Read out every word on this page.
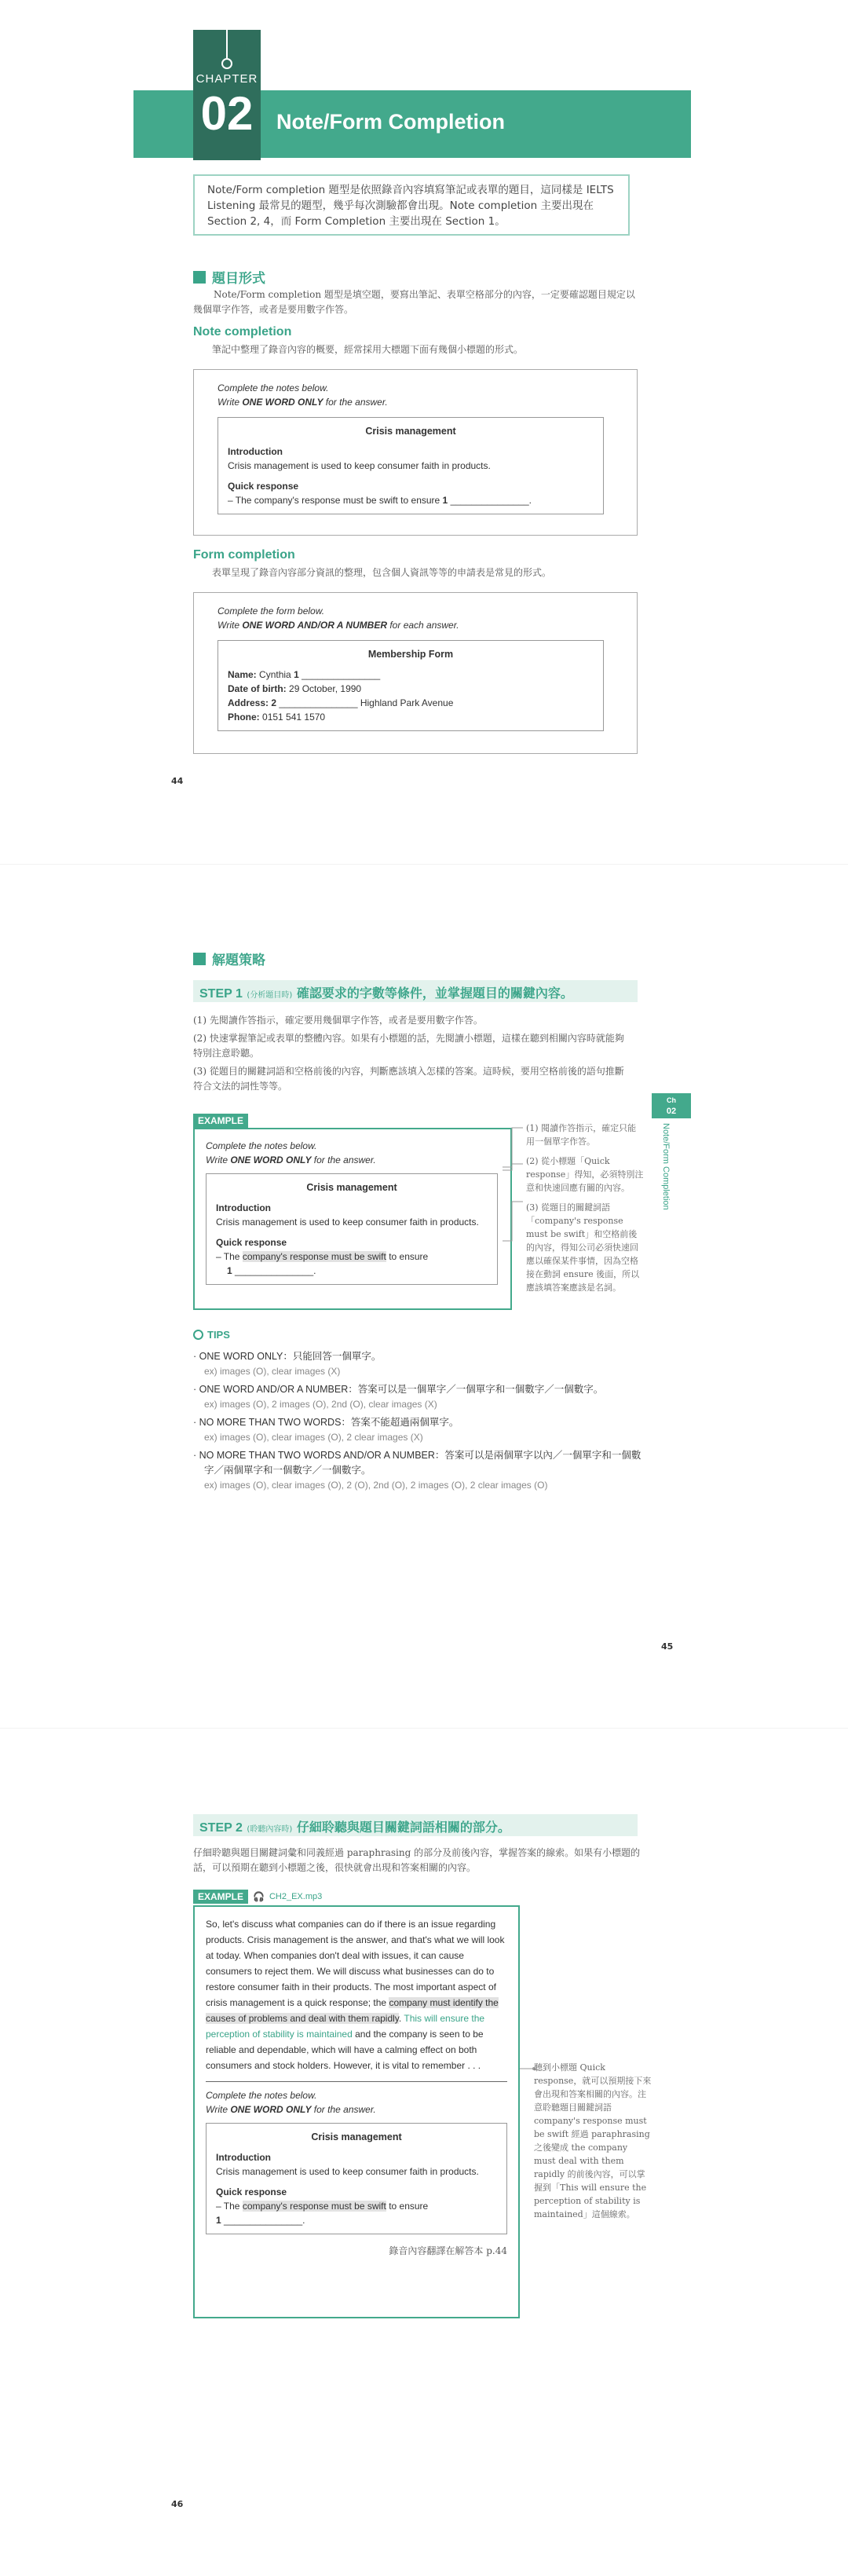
CHAPTER
02	Note/Form Completion
Note/Form completion 題型是依照錄音內容填寫筆記或表單的題目，這同樣是 IELTS Listening 最常見的題型，幾乎每次測驗都會出現。Note completion 主要出現在 Section 2, 4，而 Form Completion 主要出現在 Section 1。
題目形式
Note/Form completion 題型是填空題，要寫出筆記、表單空格部分的內容，一定要確認題目規定以幾個單字作答，或者是要用數字作答。
Note completion
筆記中整理了錄音內容的概要，經常採用大標題下面有幾個小標題的形式。
Complete the notes below.
Write ONE WORD ONLY for the answer.
Crisis management
Introduction
Crisis management is used to keep consumer faith in products.
Quick response
– The company's response must be swift to ensure 1 _______________.
Form completion
表單呈現了錄音內容部分資訊的整理，包含個人資訊等等的申請表是常見的形式。
Complete the form below.
Write ONE WORD AND/OR A NUMBER for each answer.
Membership Form
Name: Cynthia 1 _______________
Date of birth: 29 October, 1990
Address: 2 _______________ Highland Park Avenue
Phone: 0151 541 1570
44
解題策略
STEP 1 (分析題目時) 確認要求的字數等條件，並掌握題目的關鍵內容。
(1) 先閱讀作答指示，確定要用幾個單字作答，或者是要用數字作答。
(2) 快速掌握筆記或表單的整體內容。如果有小標題的話，先閱讀小標題，這樣在聽到相關內容時就能夠特別注意聆聽。
(3) 從題目的關鍵詞語和空格前後的內容，判斷應該填入怎樣的答案。這時候，要用空格前後的語句推斷符合文法的詞性等等。
EXAMPLE
Complete the notes below.
Write ONE WORD ONLY for the answer.
Crisis management
Introduction
Crisis management is used to keep consumer faith in products.
Quick response
– The company's response must be swift to ensure
1 _______________.
(1) 閱讀作答指示，確定只能用一個單字作答。
(2) 從小標題「Quick response」得知，必須特別注意和快速回應有關的內容。
(3) 從題目的關鍵詞語「company's response must be swift」和空格前後的內容，得知公司必須快速回應以確保某件事情，因為空格接在動詞 ensure 後面，所以應該填答案應該是名詞。
Ch
02
Note/Form Completion
TIPS
· ONE WORD ONLY：只能回答一個單字。
ex) images (O), clear images (X)
· ONE WORD AND/OR A NUMBER：答案可以是一個單字／一個單字和一個數字／一個數字。
ex) images (O), 2 images (O), 2nd (O), clear images (X)
· NO MORE THAN TWO WORDS：答案不能超過兩個單字。
ex) images (O), clear images (O), 2 clear images (X)
· NO MORE THAN TWO WORDS AND/OR A NUMBER：答案可以是兩個單字以內／一個單字和一個數字／兩個單字和一個數字／一個數字。
ex) images (O), clear images (O), 2 (O), 2nd (O), 2 images (O), 2 clear images (O)
45
STEP 2 (聆聽內容時) 仔細聆聽與題目關鍵詞語相關的部分。
仔細聆聽與題目關鍵詞彙和同義經過 paraphrasing 的部分及前後內容，掌握答案的線索。如果有小標題的話，可以預期在聽到小標題之後，很快就會出現和答案相關的內容。
EXAMPLE	🎧 CH2_EX.mp3
So, let's discuss what companies can do if there is an issue regarding products. Crisis management is the answer, and that's what we will look at today. When companies don't deal with issues, it can cause consumers to reject them. We will discuss what businesses can do to restore consumer faith in their products. The most important aspect of crisis management is a quick response; the company must identify the causes of problems and deal with them rapidly. This will ensure the perception of stability is maintained and the company is seen to be reliable and dependable, which will have a calming effect on both consumers and stock holders. However, it is vital to remember . . .
Complete the notes below.
Write ONE WORD ONLY for the answer.
Crisis management
Introduction
Crisis management is used to keep consumer faith in products.
Quick response
– The company's response must be swift to ensure
1 _______________.
錄音內容翻譯在解答本 p.44
聽到小標題 Quick response，就可以預期接下來會出現和答案相關的內容。注意聆聽題目關鍵詞語 company's response must be swift 經過 paraphrasing 之後變成 the company must deal with them rapidly 的前後內容，可以掌握到「This will ensure the perception of stability is maintained」這個線索。
46
